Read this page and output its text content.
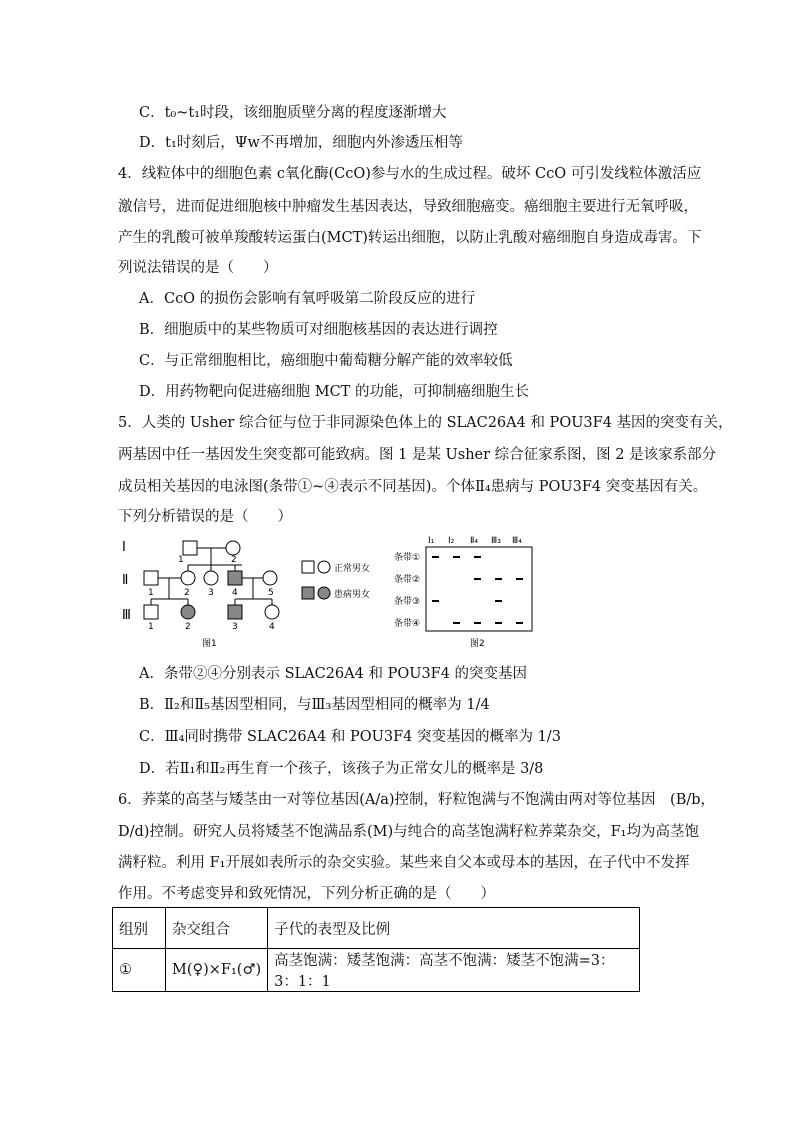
C．t₀~t₁时段，该细胞质壁分离的程度逐渐增大
D．t₁时刻后，Ψw不再增加，细胞内外渗透压相等
4．线粒体中的细胞色素 c氧化酶(CcO)参与水的生成过程。破坏 CcO 可引发线粒体激活应
激信号，进而促进细胞核中肿瘤发生基因表达，导致细胞癌变。癌细胞主要进行无氧呼吸，
产生的乳酸可被单羧酸转运蛋白(MCT)转运出细胞，以防止乳酸对癌细胞自身造成毒害。下
列说法错误的是（　　）
A．CcO 的损伤会影响有氧呼吸第二阶段反应的进行
B．细胞质中的某些物质可对细胞核基因的表达进行调控
C．与正常细胞相比，癌细胞中葡萄糖分解产能的效率较低
D．用药物靶向促进癌细胞 MCT 的功能，可抑制癌细胞生长
5．人类的 Usher 综合征与位于非同源染色体上的 SLAC26A4 和 POU3F4 基因的突变有关，
两基因中任一基因发生突变都可能致病。图 1 是某 Usher 综合征家系图，图 2 是该家系部分
成员相关基因的电泳图(条带①~④表示不同基因)。个体Ⅱ₄患病与 POU3F4 突变基因有关。
下列分析错误的是（　　）
Ⅰ
Ⅱ
Ⅲ
1	2
1	2 3 4	5
1	2	3	4
图1
正常男女
患病男女
Ⅰ₁ Ⅰ₂ Ⅱ₄ Ⅲ₃ Ⅲ₄
条带①
条带②
条带③
条带④
图2
A．条带②④分别表示 SLAC26A4 和 POU3F4 的突变基因
B．Ⅱ₂和Ⅱ₅基因型相同，与Ⅲ₃基因型相同的概率为 1/4
C．Ⅲ₄同时携带 SLAC26A4 和 POU3F4 突变基因的概率为 1/3
D．若Ⅱ₁和Ⅱ₂再生育一个孩子，该孩子为正常女儿的概率是 3/8
6．荞菜的高茎与矮茎由一对等位基因(A/a)控制，籽粒饱满与不饱满由两对等位基因　(B/b，
D/d)控制。研究人员将矮茎不饱满品系(M)与纯合的高茎饱满籽粒荞菜杂交，F₁均为高茎饱
满籽粒。利用 F₁开展如表所示的杂交实验。某些来自父本或母本的基因，在子代中不发挥
作用。不考虑变异和致死情况，下列分析正确的是（　　）
组别	杂交组合	子代的表型及比例
①	M(♀)×F₁(♂)	高茎饱满：矮茎饱满：高茎不饱满：矮茎不饱满=3：3：1：1
